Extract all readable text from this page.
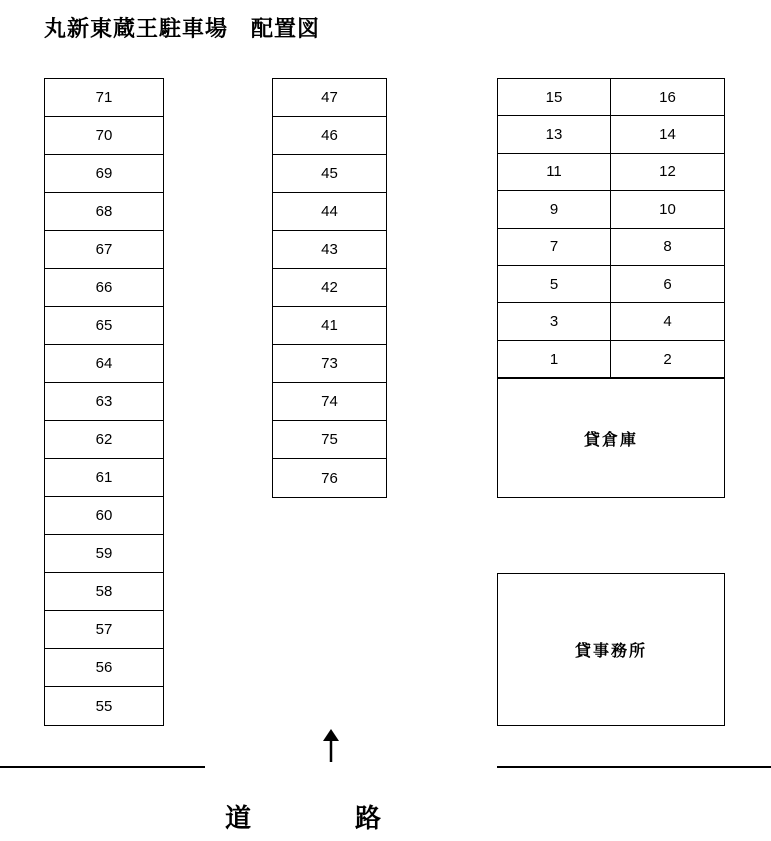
丸新東蔵王駐車場　配置図
71
70
69
68
67
66
65
64
63
62
61
60
59
58
57
56
55
47
46
45
44
43
42
41
73
74
75
76
15
13
11
9
7
5
3
1
16
14
12
10
8
6
4
2
貸倉庫
貸事務所
道　　　　路
